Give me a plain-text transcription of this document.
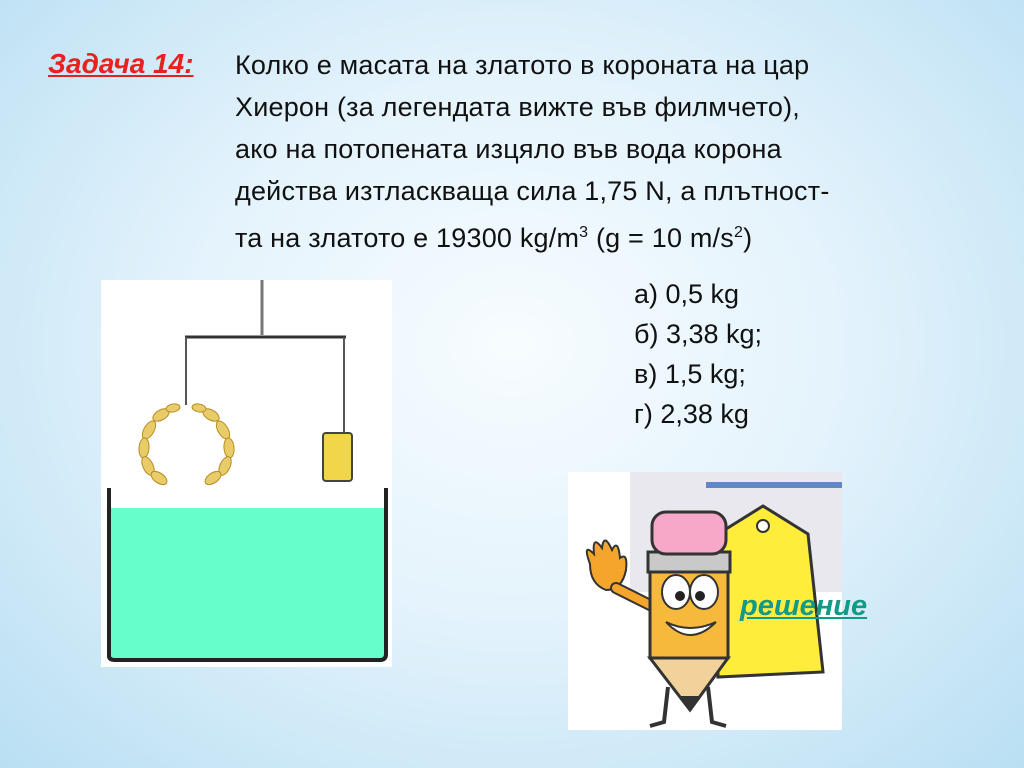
Задача 14: Колко е масата на златото в короната на цар
Хиерон (за легендата вижте във филмчето),
ако на потопената изцяло във вода корона
действа изтласкваща сила 1,75 N, а плътност-
та на златото е 19300 $kg/m^3$ (g = 10 $m/s^2$)
а) 0,5 kg
б) 3,38 kg;
в) 1,5 kg;
г) 2,38 kg
решение
